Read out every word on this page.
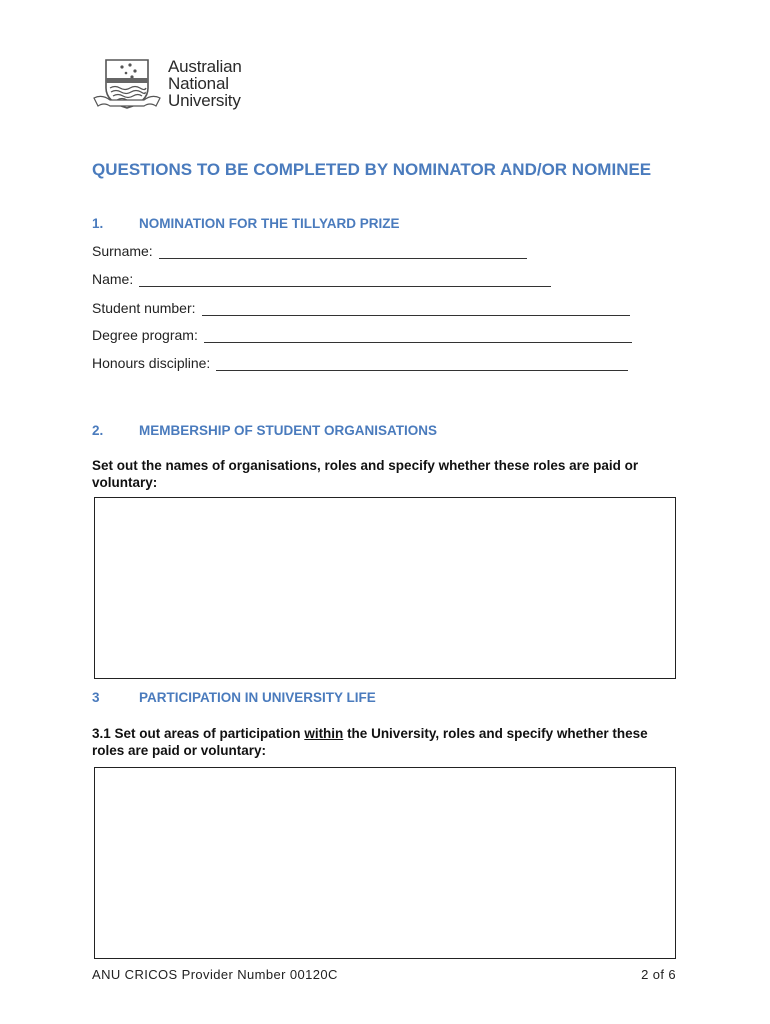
Australian
National
University
QUESTIONS TO BE COMPLETED BY NOMINATOR AND/OR NOMINEE
1.	NOMINATION FOR THE TILLYARD PRIZE
Surname:
Name:
Student number:
Degree program:
Honours discipline:
2.	MEMBERSHIP OF STUDENT ORGANISATIONS
Set out the names of organisations, roles and specify whether these roles are paid or voluntary:
3	PARTICIPATION IN UNIVERSITY LIFE
3.1 Set out areas of participation within the University, roles and specify whether these roles are paid or voluntary:
ANU CRICOS Provider Number 00120C	2 of 6
